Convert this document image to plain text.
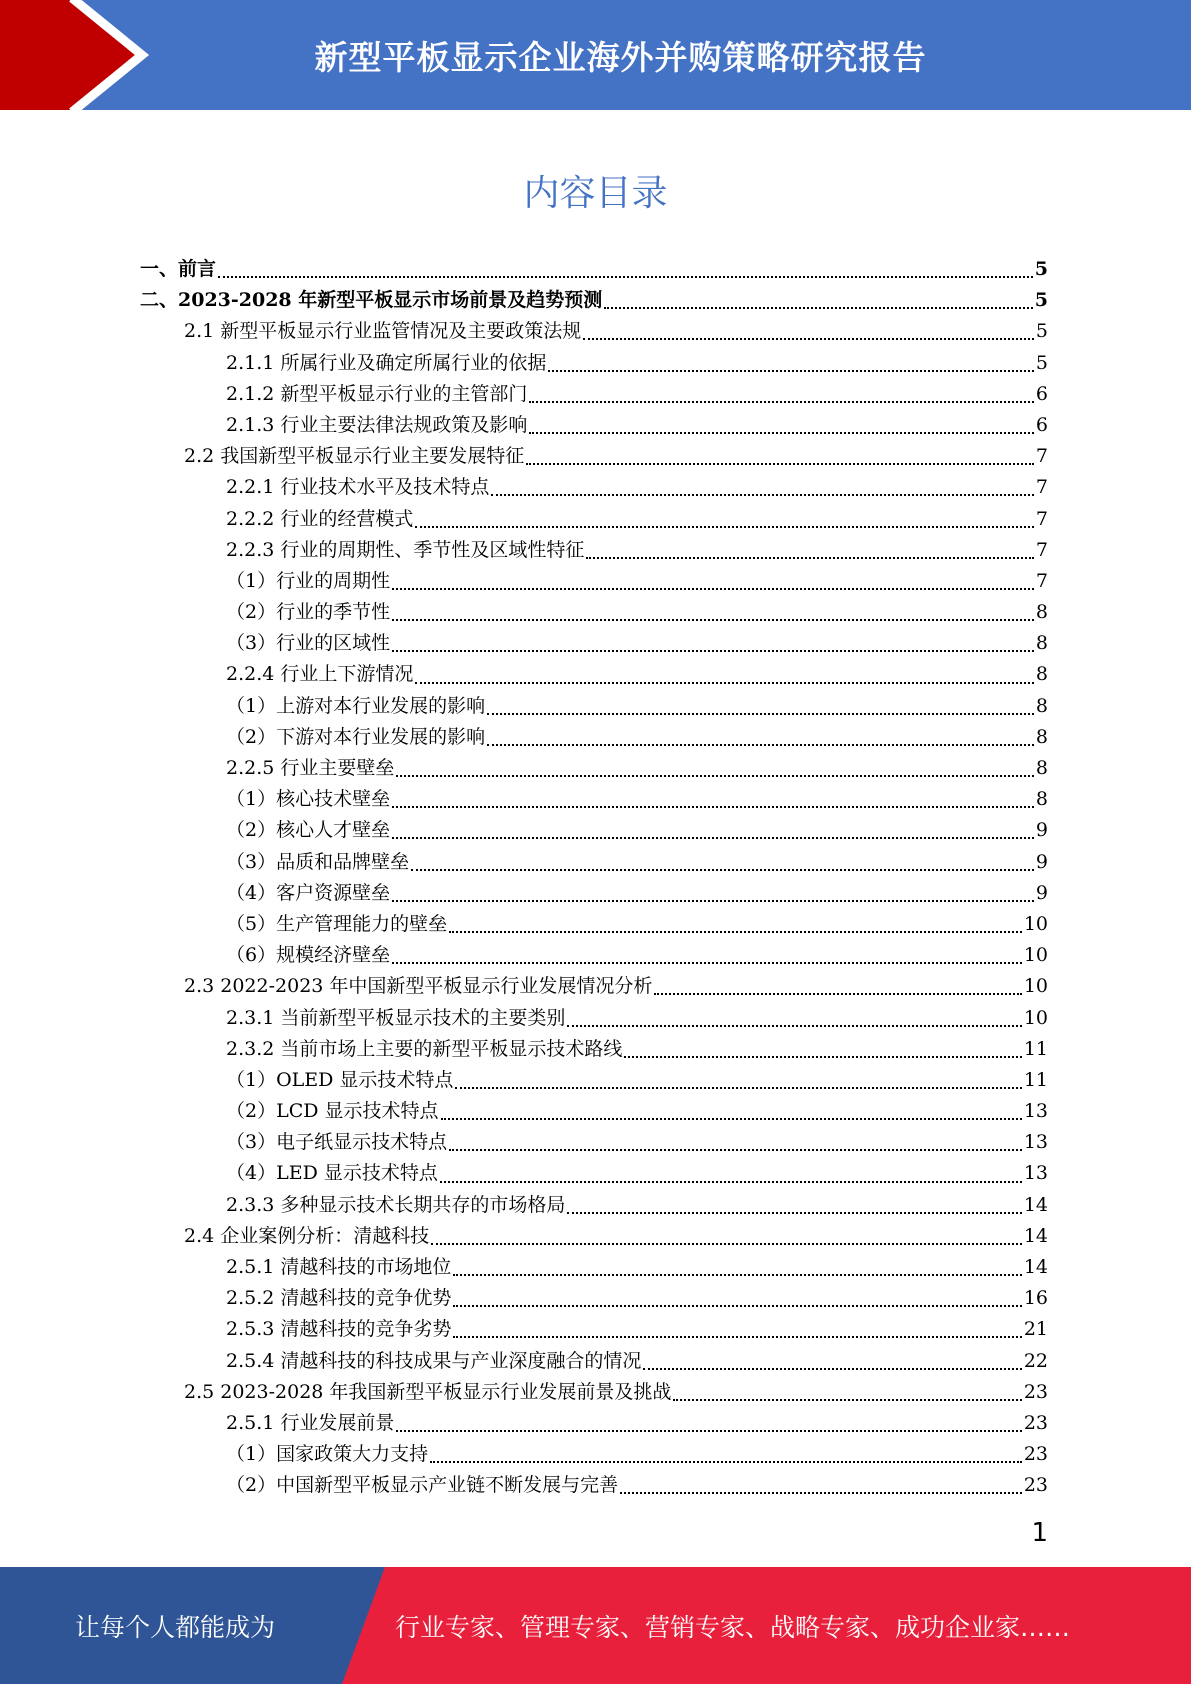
新型平板显示企业海外并购策略研究报告
内容目录
一、前言	5
二、2023-2028 年新型平板显示市场前景及趋势预测	5
2.1 新型平板显示行业监管情况及主要政策法规	5
2.1.1 所属行业及确定所属行业的依据	5
2.1.2 新型平板显示行业的主管部门	6
2.1.3 行业主要法律法规政策及影响	6
2.2 我国新型平板显示行业主要发展特征	7
2.2.1 行业技术水平及技术特点	7
2.2.2 行业的经营模式	7
2.2.3 行业的周期性、季节性及区域性特征	7
（1）行业的周期性	7
（2）行业的季节性	8
（3）行业的区域性	8
2.2.4 行业上下游情况	8
（1）上游对本行业发展的影响	8
（2）下游对本行业发展的影响	8
2.2.5 行业主要壁垒	8
（1）核心技术壁垒	8
（2）核心人才壁垒	9
（3）品质和品牌壁垒	9
（4）客户资源壁垒	9
（5）生产管理能力的壁垒	10
（6）规模经济壁垒	10
2.3 2022-2023 年中国新型平板显示行业发展情况分析	10
2.3.1 当前新型平板显示技术的主要类别	10
2.3.2 当前市场上主要的新型平板显示技术路线	11
（1）OLED 显示技术特点	11
（2）LCD 显示技术特点	13
（3）电子纸显示技术特点	13
（4）LED 显示技术特点	13
2.3.3 多种显示技术长期共存的市场格局	14
2.4 企业案例分析：清越科技	14
2.5.1 清越科技的市场地位	14
2.5.2 清越科技的竞争优势	16
2.5.3 清越科技的竞争劣势	21
2.5.4 清越科技的科技成果与产业深度融合的情况	22
2.5 2023-2028 年我国新型平板显示行业发展前景及挑战	23
2.5.1 行业发展前景	23
（1）国家政策大力支持	23
（2）中国新型平板显示产业链不断发展与完善	23
1
让每个人都能成为	行业专家、管理专家、营销专家、战略专家、成功企业家……
